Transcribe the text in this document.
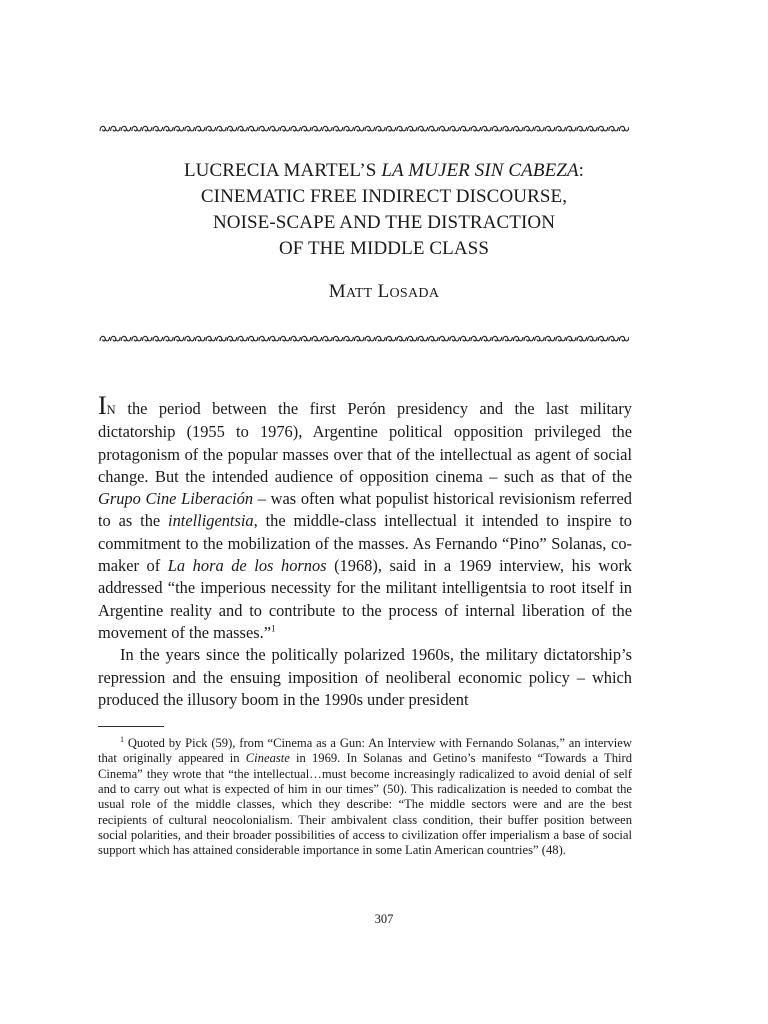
LUCRECIA MARTEL’S LA MUJER SIN CABEZA:
CINEMATIC FREE INDIRECT DISCOURSE,
NOISE-SCAPE AND THE DISTRACTION
OF THE MIDDLE CLASS
MATT LOSADA

IN the period between the first Perón presidency and the last military dictatorship (1955 to 1976), Argentine political opposition privileged the protagonism of the popular masses over that of the intellectual as agent of social change. But the intended audience of opposition cinema – such as that of the Grupo Cine Liberación – was often what populist historical revisionism referred to as the intelligentsia, the middle-class intellectual it intended to inspire to commitment to the mobilization of the masses. As Fernando “Pino” Solanas, co-maker of La hora de los hornos (1968), said in a 1969 interview, his work addressed “the imperious necessity for the militant intelligentsia to root itself in Argentine reality and to contribute to the process of internal liberation of the movement of the masses.”$^1$

In the years since the politically polarized 1960s, the military dictatorship’s repression and the ensuing imposition of neoliberal economic policy – which produced the illusory boom in the 1990s under president

$^1$ Quoted by Pick (59), from “Cinema as a Gun: An Interview with Fernando Solanas,” an interview that originally appeared in Cineaste in 1969. In Solanas and Getino’s manifesto “Towards a Third Cinema” they wrote that “the intellectual…must become increasingly radicalized to avoid denial of self and to carry out what is expected of him in our times” (50). This radicalization is needed to combat the usual role of the middle classes, which they describe: “The middle sectors were and are the best recipients of cultural neocolonialism. Their ambivalent class condition, their buffer position between social polarities, and their broader possibilities of access to civilization offer imperialism a base of social support which has attained considerable importance in some Latin American countries” (48).

307
